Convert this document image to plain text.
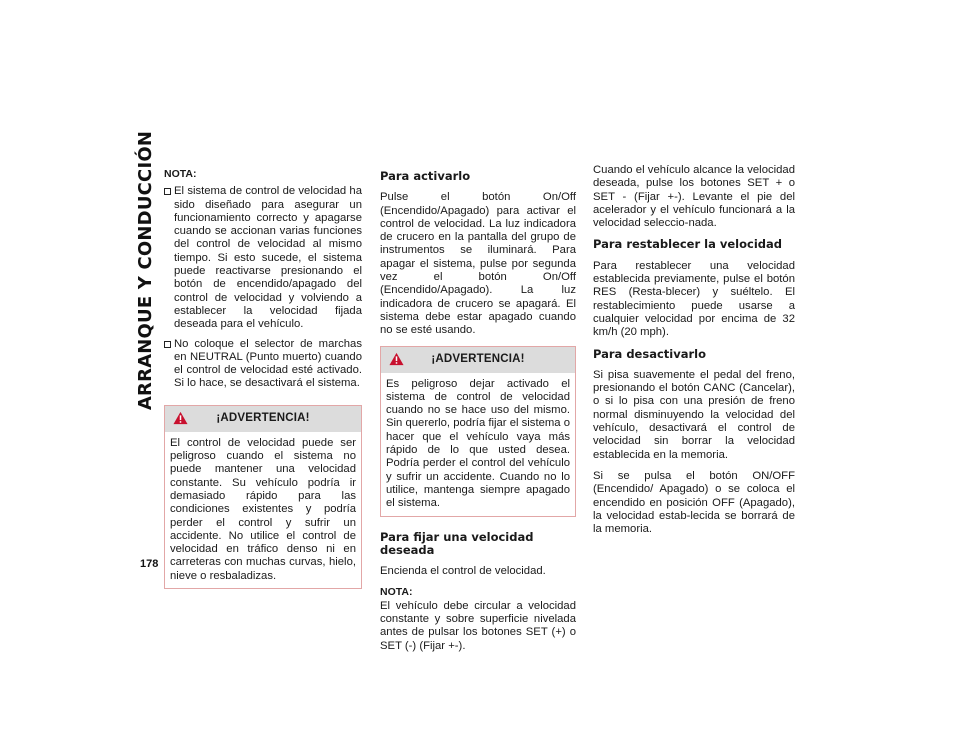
ARRANQUE Y CONDUCCIÓN
178
NOTA:
El sistema de control de velocidad ha sido diseñado para asegurar un funcionamiento correcto y apagarse cuando se accionan varias funciones del control de velocidad al mismo tiempo. Si esto sucede, el sistema puede reactivarse presionando el botón de encendido/apagado del control de velocidad y volviendo a establecer la velocidad fijada deseada para el vehículo.
No coloque el selector de marchas en NEUTRAL (Punto muerto) cuando el control de velocidad esté activado. Si lo hace, se desactivará el sistema.
¡ADVERTENCIA!
El control de velocidad puede ser peligroso cuando el sistema no puede mantener una velocidad constante. Su vehículo podría ir demasiado rápido para las condiciones existentes y podría perder el control y sufrir un accidente. No utilice el control de velocidad en tráfico denso ni en carreteras con muchas curvas, hielo, nieve o resbaladizas.
Para activarlo

Pulse el botón On/Off (Encendido/Apagado) para activar el control de velocidad. La luz indicadora de crucero en la pantalla del grupo de instrumentos se iluminará. Para apagar el sistema, pulse por segunda vez el botón On/Off (Encendido/Apagado). La luz indicadora de crucero se apagará. El sistema debe estar apagado cuando no se esté usando.

¡ADVERTENCIA!
Es peligroso dejar activado el sistema de control de velocidad cuando no se hace uso del mismo. Sin quererlo, podría fijar el sistema o hacer que el vehículo vaya más rápido de lo que usted desea. Podría perder el control del vehículo y sufrir un accidente. Cuando no lo utilice, mantenga siempre apagado el sistema.
Para fijar una velocidad deseada

Encienda el control de velocidad.

NOTA:

El vehículo debe circular a velocidad constante y sobre superficie nivelada antes de pulsar los botones SET (+) o SET (-) (Fijar +-).

Cuando el vehículo alcance la velocidad deseada, pulse los botones SET + o SET - (Fijar +-). Levante el pie del acelerador y el vehículo funcionará a la velocidad seleccio-nada.

Para restablecer la velocidad

Para restablecer una velocidad establecida previamente, pulse el botón RES (Resta-blecer) y suéltelo. El restablecimiento puede usarse a cualquier velocidad por encima de 32 km/h (20 mph).

Para desactivarlo

Si pisa suavemente el pedal del freno, presionando el botón CANC (Cancelar), o si lo pisa con una presión de freno normal disminuyendo la velocidad del vehículo, desactivará el control de velocidad sin borrar la velocidad establecida en la memoria.

Si se pulsa el botón ON/OFF (Encendido/ Apagado) o se coloca el encendido en posición OFF (Apagado), la velocidad estab-lecida se borrará de la memoria.
